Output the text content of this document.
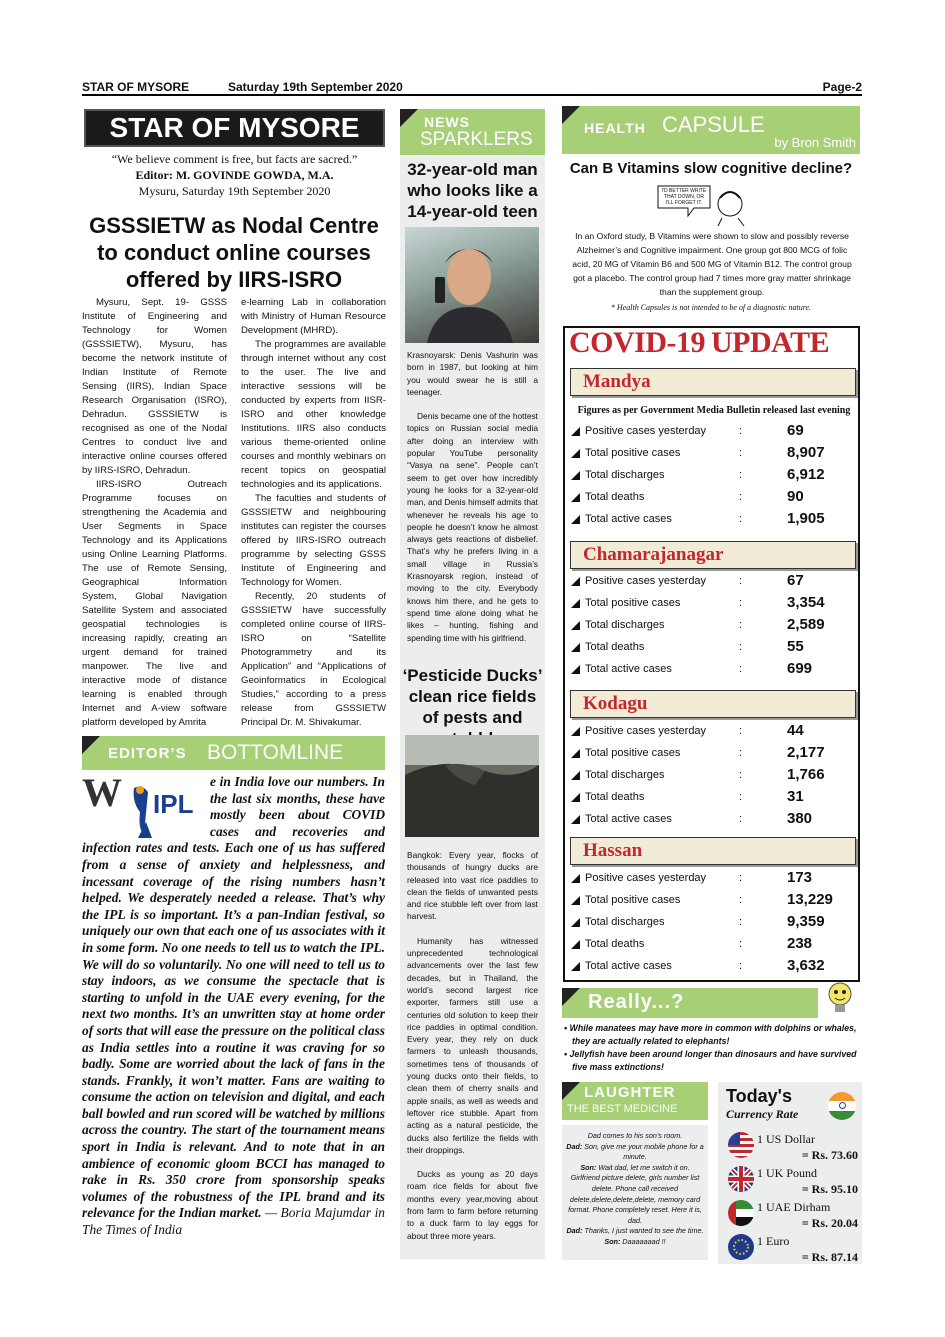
STAR OF MYSORE	Saturday 19th September 2020	Page-2
STAR OF MYSORE
“We believe comment is free, but facts are sacred.”
Editor: M. GOVINDE GOWDA, M.A.
Mysuru, Saturday 19th September 2020
GSSSIETW as Nodal Centre to conduct online courses offered by IIRS-ISRO

Mysuru, Sept. 19- GSSS Institute of Engineering and Technology for Women (GSSSIETW), Mysuru, has become the network institute of Indian Institute of Remote Sensing (IIRS), Indian Space Research Organisation (ISRO), Dehradun. GSSSIETW is recognised as one of the Nodal Centres to conduct live and interactive online courses offered by IIRS-ISRO, Dehradun.

IIRS-ISRO Outreach Programme focuses on strengthening the Academia and User Segments in Space Technology and its Applications using Online Learning Platforms. The use of Remote Sensing, Geographical Information System, Global Navigation Satellite System and associated geospatial technologies is increasing rapidly, creating an urgent demand for trained manpower. The live and interactive mode of distance learning is enabled through Internet and A-view software platform developed by Amrita

e-learning Lab in collaboration with Ministry of Human Resource Development (MHRD).

The programmes are available through internet without any cost to the user. The live and interactive sessions will be conducted by experts from IISR-ISRO and other knowledge Institutions. IIRS also conducts various theme-oriented online courses and monthly webinars on recent topics on geospatial technologies and its applications.

The faculties and students of GSSSIETW and neighbouring institutes can register the courses offered by IIRS-ISRO outreach programme by selecting GSSS Institute of Engineering and Technology for Women.

Recently, 20 students of GSSSIETW have successfully completed online course of IIRS-ISRO on “Satellite Photogrammetry and its Application” and “Applications of Geoinformatics in Ecological Studies,” according to a press release from GSSSIETW Principal Dr. M. Shivakumar.

EDITOR’S BOTTOMLINE
W IPL
e in India love our numbers. In the last six months, these have mostly been about COVID cases and recoveries and infection rates and tests. Each one of us has suffered from a sense of anxiety and helplessness, and incessant coverage of the rising numbers hasn’t helped. We desperately needed a release. That’s why the IPL is so important. It’s a pan-Indian festival, so uniquely our own that each one of us associates with it in some form. No one needs to tell us to watch the IPL. We will do so voluntarily. No one will need to tell us to stay indoors, as we consume the spectacle that is starting to unfold in the UAE every evening, for the next two months. It’s an unwritten stay at home order of sorts that will ease the pressure on the political class as India settles into a routine it was craving for so badly. Some are worried about the lack of fans in the stands. Frankly, it won’t matter. Fans are waiting to consume the action on television and digital, and each ball bowled and run scored will be watched by millions across the country. The start of the tournament means sport in India is relevant. And to note that in an ambience of economic gloom BCCI has managed to rake in Rs. 350 crore from sponsorship speaks volumes of the robustness of the IPL brand and its relevance for the Indian market. — Boria Majumdar in The Times of India
NEWS
SPARKLERS
32-year-old man who looks like a 14-year-old teen

Krasnoyarsk: Denis Vashurin was born in 1987, but looking at him you would swear he is still a teenager.

Denis became one of the hottest topics on Russian social media after doing an interview with popular YouTube personality “Vasya na sene”. People can’t seem to get over how incredibly young he looks for a 32-year-old man, and Denis himself admits that whenever he reveals his age to people he doesn’t know he almost always gets reactions of disbelief. That’s why he prefers living in a small village in Russia’s Krasnoyarsk region, instead of moving to the city. Everybody knows him there, and he gets to spend time alone doing what he likes – hunting, fishing and spending time with his girlfriend.

‘Pesticide Ducks’ clean rice fields of pests and

Bangkok: Every year, flocks of thousands of hungry ducks are released into vast rice paddies to clean the fields of unwanted pests and rice stubble left over from last harvest.

Humanity has witnessed unprecedented technological advancements over the last few decades, but in Thailand, the world’s second largest rice exporter, farmers still use a centuries old solution to keep their rice paddies in optimal condition. Every year, they rely on duck farmers to unleash thousands, sometimes tens of thousands of young ducks onto their fields, to clean them of cherry snails and apple snails, as well as weeds and leftover rice stubble. Apart from acting as a natural pesticide, the ducks also fertilize the fields with their droppings.

Ducks as young as 20 days roam rice fields for about five months every year,moving about from farm to farm before returning to a duck farm to lay eggs for about three more years.

HEALTH CAPSULE
by Bron Smith
Can B Vitamins slow cognitive decline?
I'D BETTER WRITE THAT DOWN, OR I'LL FORGET IT.
In an Oxford study, B Vitamins were shown to slow and possibly reverse Alzheimer’s and Cognitive impairment. One group got 800 MCG of folic acid, 20 MG of Vitamin B6 and 500 MG of Vitamin B12. The control group got a placebo. The control group had 7 times more gray matter shrinkage than the supplement group.
* Health Capsules is not intended to be of a diagnostic nature.
COVID-19 UPDATE
Mandya
Figures as per Government Media Bulletin released last evening
Positive cases yesterday	:	69
Total positive cases	:	8,907
Total discharges	:	6,912
Total deaths	:	90
Total active cases	:	1,905
Chamarajanagar
Positive cases yesterday	:	67
Total positive cases	:	3,354
Total discharges	:	2,589
Total deaths	:	55
Total active cases	:	699
Kodagu
Positive cases yesterday	:	44
Total positive cases	:	2,177
Total discharges	:	1,766
Total deaths	:	31
Total active cases	:	380
Hassan
Positive cases yesterday	:	173
Total positive cases	:	13,229
Total discharges	:	9,359
Total deaths	:	238
Total active cases	:	3,632
Really...?
• While manatees may have more in common with dolphins or whales, they are actually related to elephants!
• Jellyfish have been around longer than dinosaurs and have survived five mass extinctions!
LAUGHTER
THE BEST MEDICINE
Dad comes to his son’s room.
Dad: Son, give me your mobile phone for a minute.
Son: Wait dad, let me switch it on. Girlfriend picture delete, girls number list delete. Phone call received delete,delete,delete,delete, memory card format. Phone completely reset. Here it is, dad.
Dad: Thanks, I just wanted to see the time. Son: Daaaaaaad !!
Today's
Currency Rate
1 US Dollar
= Rs. 73.60
1 UK Pound
= Rs. 95.10
1 UAE Dirham
= Rs. 20.04
1 Euro
= Rs. 87.14
